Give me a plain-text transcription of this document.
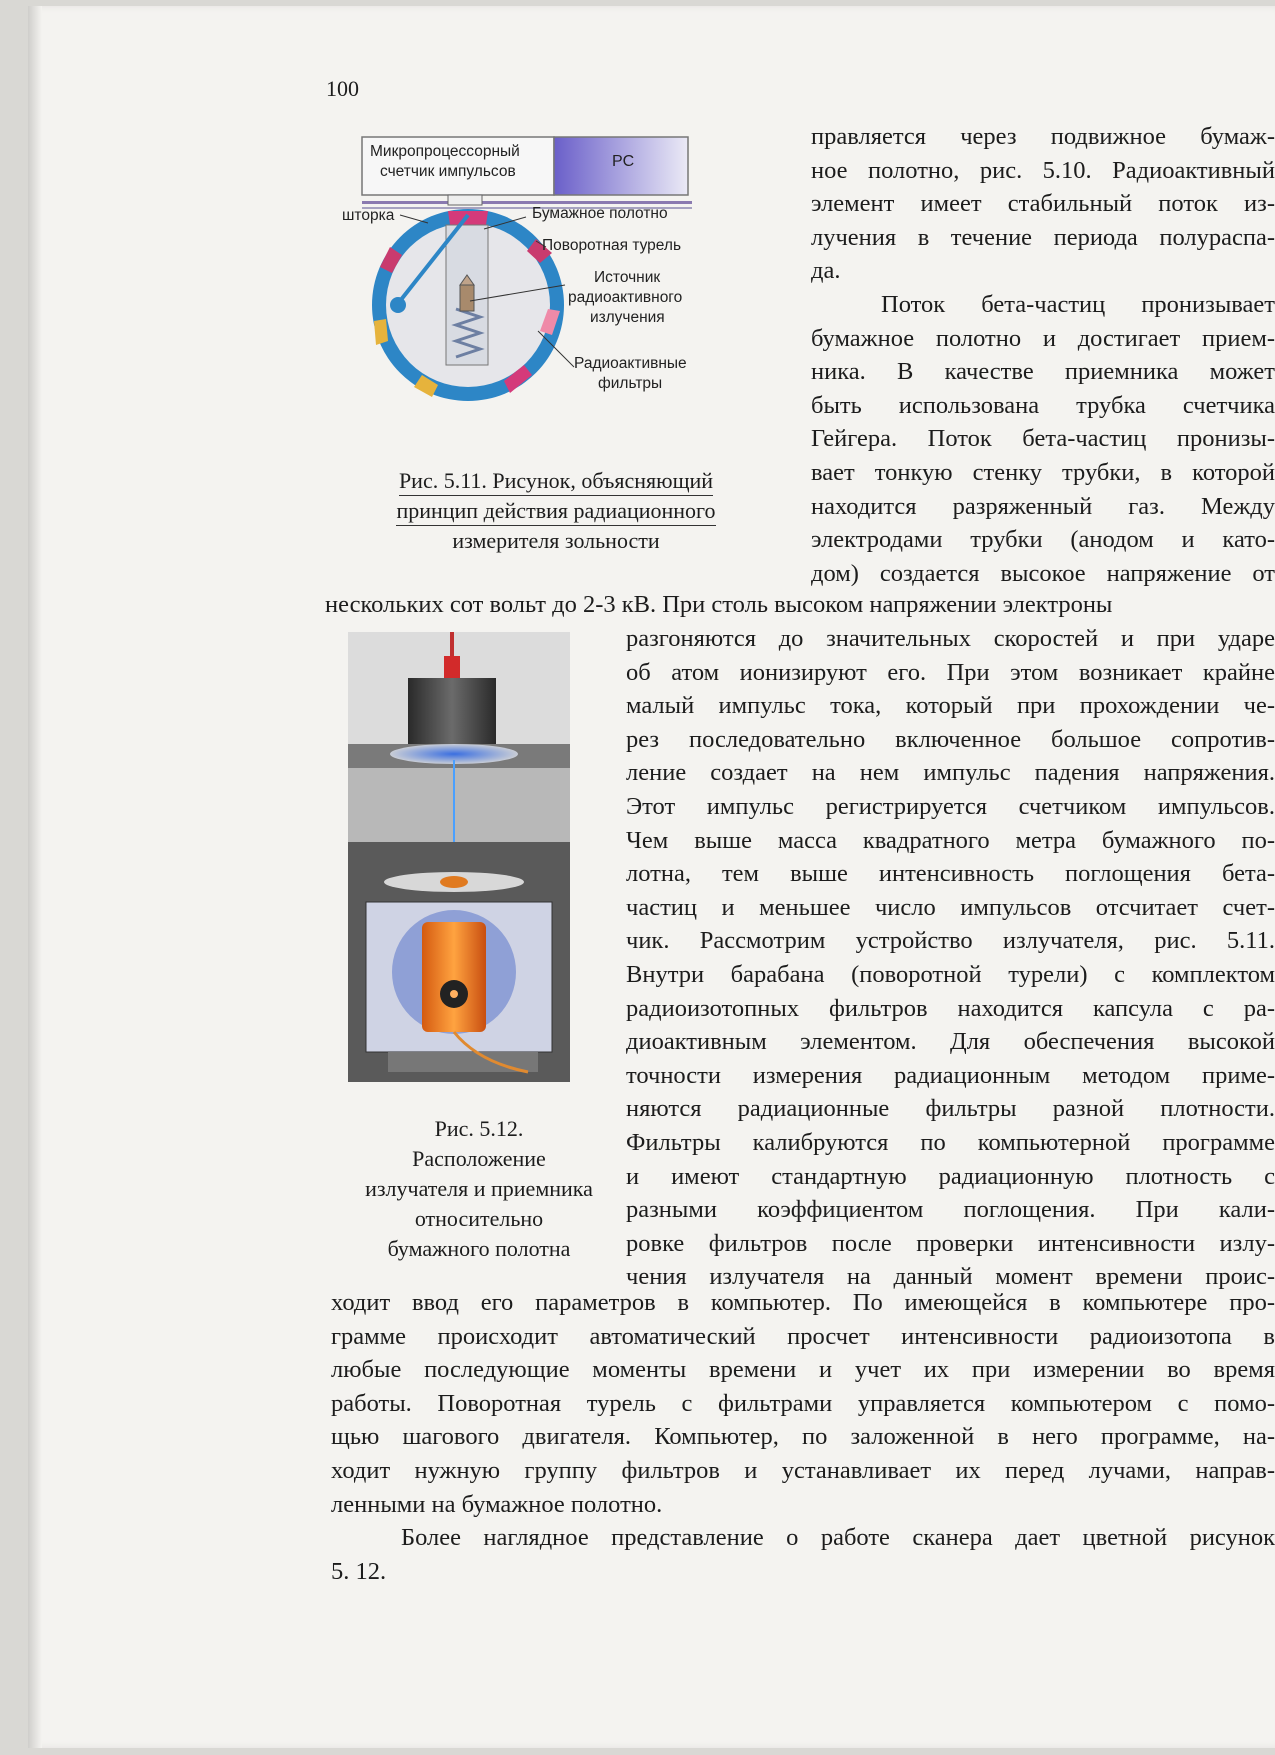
100
Микропроцессорный
счетчик импульсов
PC
шторка	Бумажное полотно
Поворотная турель
Источник
радиоактивного
излучения
Радиоактивные
фильтры
Рис. 5.11. Рисунок, объясняющий
принцип действия радиационного

измерителя зольности
правляется через подвижное бумаж-
ное полотно, рис. 5.10. Радиоактивный
элемент имеет стабильный поток из-
лучения в течение периода полураспа-
да.
Поток бета-частиц пронизывает
бумажное полотно и достигает прием-
ника. В качестве приемника может
быть использована трубка счетчика
Гейгера. Поток бета-частиц пронизы-
вает тонкую стенку трубки, в которой
находится разряженный газ. Между
электродами трубки (анодом и като-
дом) создается высокое напряжение от
нескольких сот вольт до 2-3 кВ. При столь высоком напряжении электроны
Рис. 5.12.
Расположение
излучателя и приемника
относительно
бумажного полотна
разгоняются до значительных скоростей и при ударе
об атом ионизируют его. При этом возникает крайне
малый импульс тока, который при прохождении че-
рез последовательно включенное большое сопротив-
ление создает на нем импульс падения напряжения.
Этот импульс регистрируется счетчиком импульсов.
Чем выше масса квадратного метра бумажного по-
лотна, тем выше интенсивность поглощения бета-
частиц и меньшее число импульсов отсчитает счет-
чик. Рассмотрим устройство излучателя, рис. 5.11.
Внутри барабана (поворотной турели) с комплектом
радиоизотопных фильтров находится капсула с ра-
диоактивным элементом. Для обеспечения высокой
точности измерения радиационным методом приме-
няются радиационные фильтры разной плотности.
Фильтры калибруются по компьютерной программе
и имеют стандартную радиационную плотность с
разными коэффициентом поглощения. При кали-
ровке фильтров после проверки интенсивности излу-
чения излучателя на данный момент времени проис-
ходит ввод его параметров в компьютер. По имеющейся в компьютере про-
грамме происходит автоматический просчет интенсивности радиоизотопа в
любые последующие моменты времени и учет их при измерении во время
работы. Поворотная турель с фильтрами управляется компьютером с помо-
щью шагового двигателя. Компьютер, по заложенной в него программе, на-
ходит нужную группу фильтров и устанавливает их перед лучами, направ-
ленными на бумажное полотно.
Более наглядное представление о работе сканера дает цветной рисунок
5. 12.
